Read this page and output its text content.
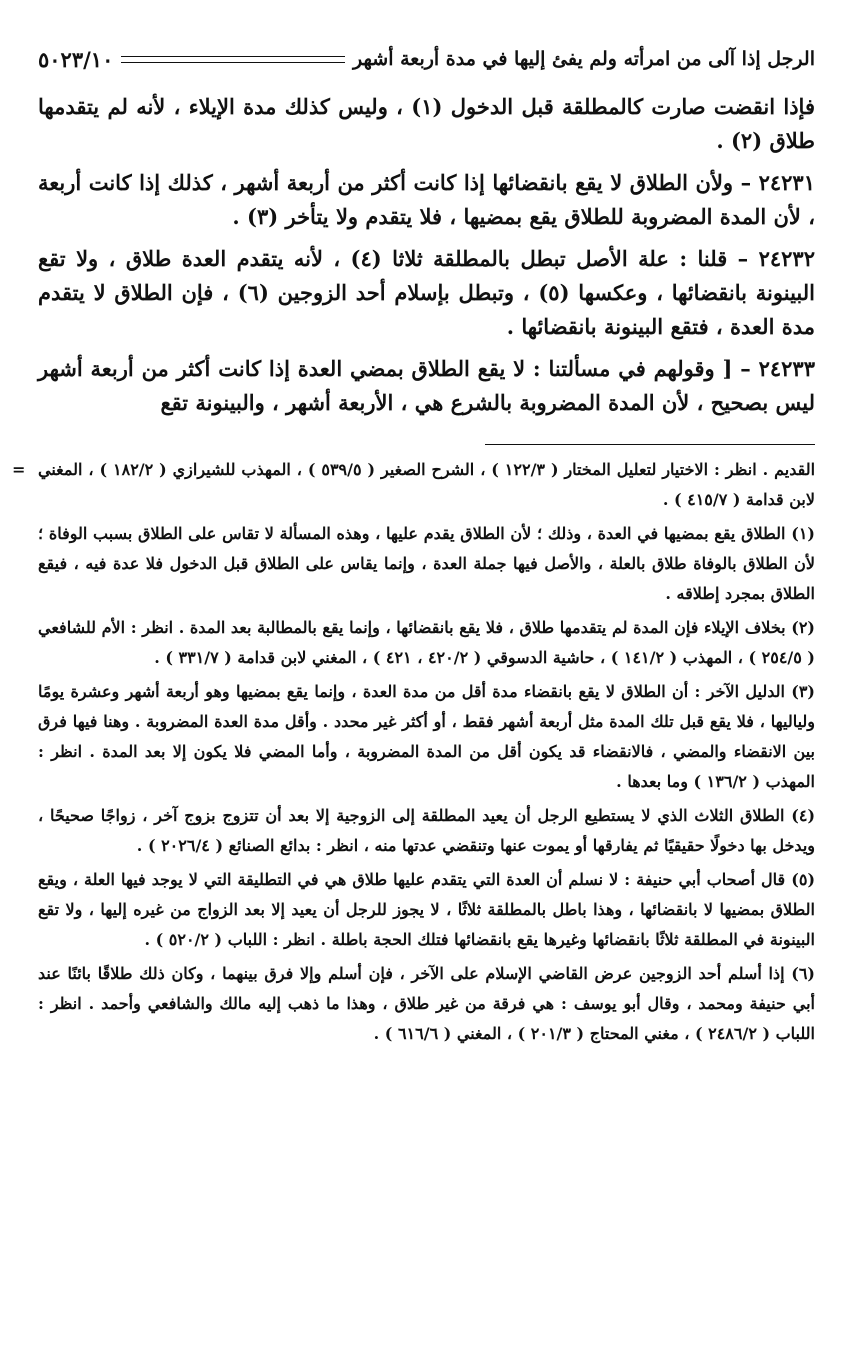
الرجل إذا آلى من امرأته ولم يفئ إليها في مدة أربعة أشهر
٥٠٢٣/١٠

فإذا انقضت صارت كالمطلقة قبل الدخول (١) ، وليس كذلك مدة الإيلاء ، لأنه لم يتقدمها طلاق (٢) .

٢٤٢٣١ – ولأن الطلاق لا يقع بانقضائها إذا كانت أكثر من أربعة أشهر ، كذلك إذا كانت أربعة ، لأن المدة المضروبة للطلاق يقع بمضيها ، فلا يتقدم ولا يتأخر (٣) .

٢٤٢٣٢ – قلنا : علة الأصل تبطل بالمطلقة ثلاثا (٤) ، لأنه يتقدم العدة طلاق ، ولا تقع البينونة بانقضائها ، وعكسها (٥) ، وتبطل بإسلام أحد الزوجين (٦) ، فإن الطلاق لا يتقدم مدة العدة ، فتقع البينونة بانقضائها .

٢٤٢٣٣ – [ وقولهم في مسألتنا : لا يقع الطلاق بمضي العدة إذا كانت أكثر من أربعة أشهر ليس بصحيح ، لأن المدة المضروبة بالشرع هي ، الأربعة أشهر ، والبينونة تقع

= القديم . انظر : الاختيار لتعليل المختار ( ١٢٢/٣ ) ، الشرح الصغير ( ٥٣٩/٥ ) ، المهذب للشيرازي ( ١٨٢/٢ ) ، المغني لابن قدامة ( ٤١٥/٧ ) .

(١) الطلاق يقع بمضيها في العدة ، وذلك ؛ لأن الطلاق يقدم عليها ، وهذه المسألة لا تقاس على الطلاق بسبب الوفاة ؛ لأن الطلاق بالوفاة طلاق بالعلة ، والأصل فيها جملة العدة ، وإنما يقاس على الطلاق قبل الدخول فلا عدة فيه ، فيقع الطلاق بمجرد إطلاقه .

(٢) بخلاف الإيلاء فإن المدة لم يتقدمها طلاق ، فلا يقع بانقضائها ، وإنما يقع بالمطالبة بعد المدة . انظر : الأم للشافعي ( ٢٥٤/٥ ) ، المهذب ( ١٤١/٢ ) ، حاشية الدسوقي ( ٤٢٠/٢ ، ٤٢١ ) ، المغني لابن قدامة ( ٣٣١/٧ ) .

(٣) الدليل الآخر : أن الطلاق لا يقع بانقضاء مدة أقل من مدة العدة ، وإنما يقع بمضيها وهو أربعة أشهر وعشرة يومًا ولياليها ، فلا يقع قبل تلك المدة مثل أربعة أشهر فقط ، أو أكثر غير محدد . وأقل مدة العدة المضروبة . وهنا فيها فرق بين الانقضاء والمضي ، فالانقضاء قد يكون أقل من المدة المضروبة ، وأما المضي فلا يكون إلا بعد المدة . انظر : المهذب ( ١٣٦/٢ ) وما بعدها .

(٤) الطلاق الثلاث الذي لا يستطيع الرجل أن يعيد المطلقة إلى الزوجية إلا بعد أن تتزوج بزوج آخر ، زواجًا صحيحًا ، ويدخل بها دخولًا حقيقيًا ثم يفارقها أو يموت عنها وتنقضي عدتها منه ، انظر : بدائع الصنائع ( ٢٠٢٦/٤ ) .

(٥) قال أصحاب أبي حنيفة : لا نسلم أن العدة التي يتقدم عليها طلاق هي في التطليقة التي لا يوجد فيها العلة ، ويقع الطلاق بمضيها لا بانقضائها ، وهذا باطل بالمطلقة ثلاثًا ، لا يجوز للرجل أن يعيد إلا بعد الزواج من غيره إليها ، ولا تقع البينونة في المطلقة ثلاثًا بانقضائها وغيرها يقع بانقضائها فتلك الحجة باطلة . انظر : اللباب ( ٥٢٠/٢ ) .

(٦) إذا أسلم أحد الزوجين عرض القاضي الإسلام على الآخر ، فإن أسلم وإلا فرق بينهما ، وكان ذلك طلاقًا بائنًا عند أبي حنيفة ومحمد ، وقال أبو يوسف : هي فرقة من غير طلاق ، وهذا ما ذهب إليه مالك والشافعي وأحمد . انظر : اللباب ( ٢٤٨٦/٢ ) ، مغني المحتاج ( ٢٠١/٣ ) ، المغني ( ٦١٦/٦ ) .
